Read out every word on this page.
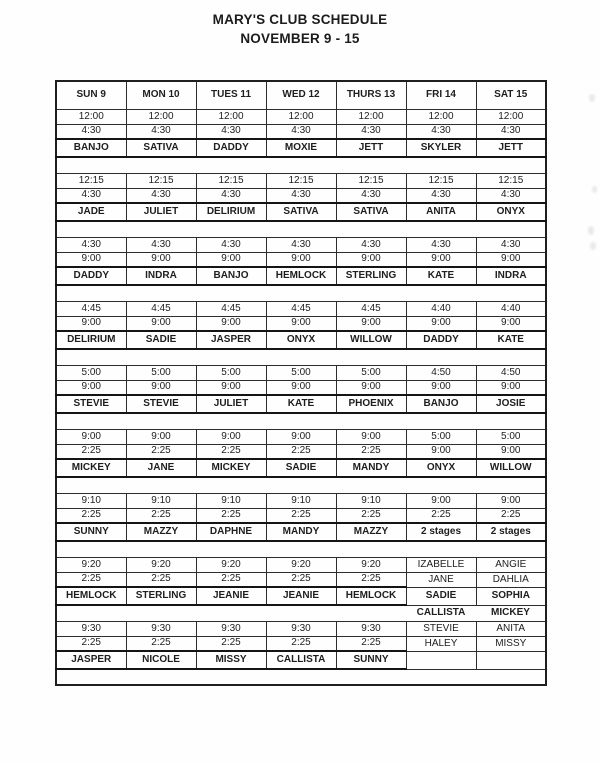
MARY'S CLUB SCHEDULE
NOVEMBER 9 - 15
SUN 9	MON 10	TUES 11	WED 12	THURS 13	FRI 14	SAT 15
12:00	12:00	12:00	12:00	12:00	12:00	12:00
4:30	4:30	4:30	4:30	4:30	4:30	4:30
BANJO	SATIVA	DADDY	MOXIE	JETT	SKYLER	JETT

12:15	12:15	12:15	12:15	12:15	12:15	12:15
4:30	4:30	4:30	4:30	4:30	4:30	4:30
JADE	JULIET	DELIRIUM	SATIVA	SATIVA	ANITA	ONYX

4:30	4:30	4:30	4:30	4:30	4:30	4:30
9:00	9:00	9:00	9:00	9:00	9:00	9:00
DADDY	INDRA	BANJO	HEMLOCK	STERLING	KATE	INDRA

4:45	4:45	4:45	4:45	4:45	4:40	4:40
9:00	9:00	9:00	9:00	9:00	9:00	9:00
DELIRIUM	SADIE	JASPER	ONYX	WILLOW	DADDY	KATE

5:00	5:00	5:00	5:00	5:00	4:50	4:50
9:00	9:00	9:00	9:00	9:00	9:00	9:00
STEVIE	STEVIE	JULIET	KATE	PHOENIX	BANJO	JOSIE

9:00	9:00	9:00	9:00	9:00	5:00	5:00
2:25	2:25	2:25	2:25	2:25	9:00	9:00
MICKEY	JANE	MICKEY	SADIE	MANDY	ONYX	WILLOW

9:10	9:10	9:10	9:10	9:10	9:00	9:00
2:25	2:25	2:25	2:25	2:25	2:25	2:25
SUNNY	MAZZY	DAPHNE	MANDY	MAZZY	2 stages	2 stages

9:20	9:20	9:20	9:20	9:20	IZABELLE	ANGIE
2:25	2:25	2:25	2:25	2:25	JANE	DAHLIA
HEMLOCK	STERLING	JEANIE	JEANIE	HEMLOCK	SADIE	SOPHIA
					CALLISTA	MICKEY
9:30	9:30	9:30	9:30	9:30	STEVIE	ANITA
2:25	2:25	2:25	2:25	2:25	HALEY	MISSY
JASPER	NICOLE	MISSY	CALLISTA	SUNNY		
